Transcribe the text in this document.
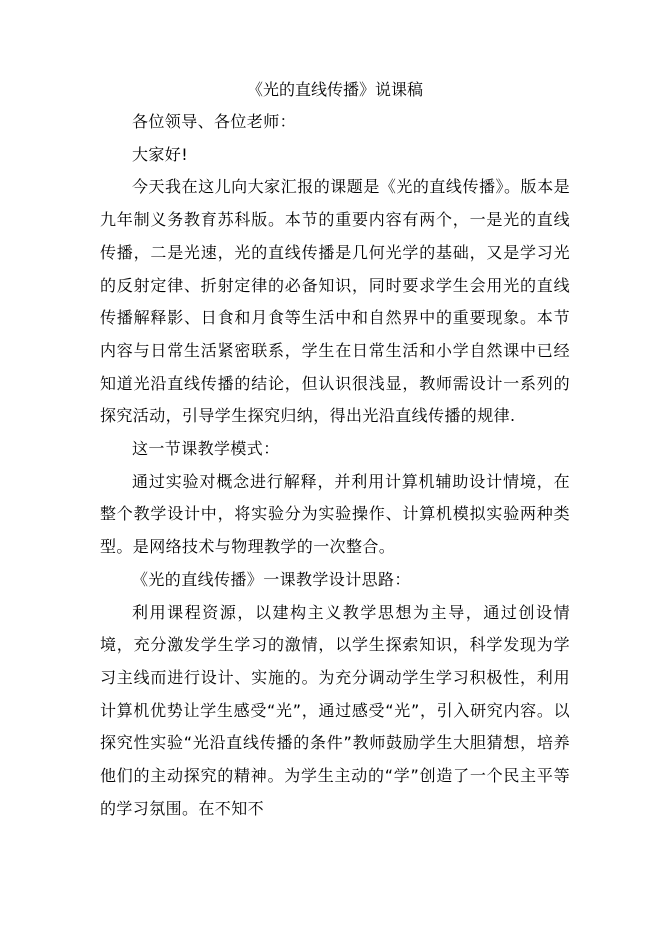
《光的直线传播》说课稿

各位领导、各位老师：

大家好!

今天我在这儿向大家汇报的课题是《光的直线传播》。版本是九年制义务教育苏科版。本节的重要内容有两个，一是光的直线传播，二是光速，光的直线传播是几何光学的基础，又是学习光的反射定律、折射定律的必备知识，同时要求学生会用光的直线传播解释影、日食和月食等生活中和自然界中的重要现象。本节内容与日常生活紧密联系，学生在日常生活和小学自然课中已经知道光沿直线传播的结论，但认识很浅显，教师需设计一系列的探究活动，引导学生探究归纳，得出光沿直线传播的规律.

这一节课教学模式：

通过实验对概念进行解释，并利用计算机辅助设计情境，在整个教学设计中，将实验分为实验操作、计算机模拟实验两种类型。是网络技术与物理教学的一次整合。

《光的直线传播》一课教学设计思路：

利用课程资源，以建构主义教学思想为主导，通过创设情境，充分激发学生学习的激情，以学生探索知识，科学发现为学习主线而进行设计、实施的。为充分调动学生学习积极性，利用计算机优势让学生感受“光”，通过感受“光”，引入研究内容。以探究性实验“光沿直线传播的条件”教师鼓励学生大胆猜想，培养他们的主动探究的精神。为学生主动的“学”创造了一个民主平等的学习氛围。在不知不
